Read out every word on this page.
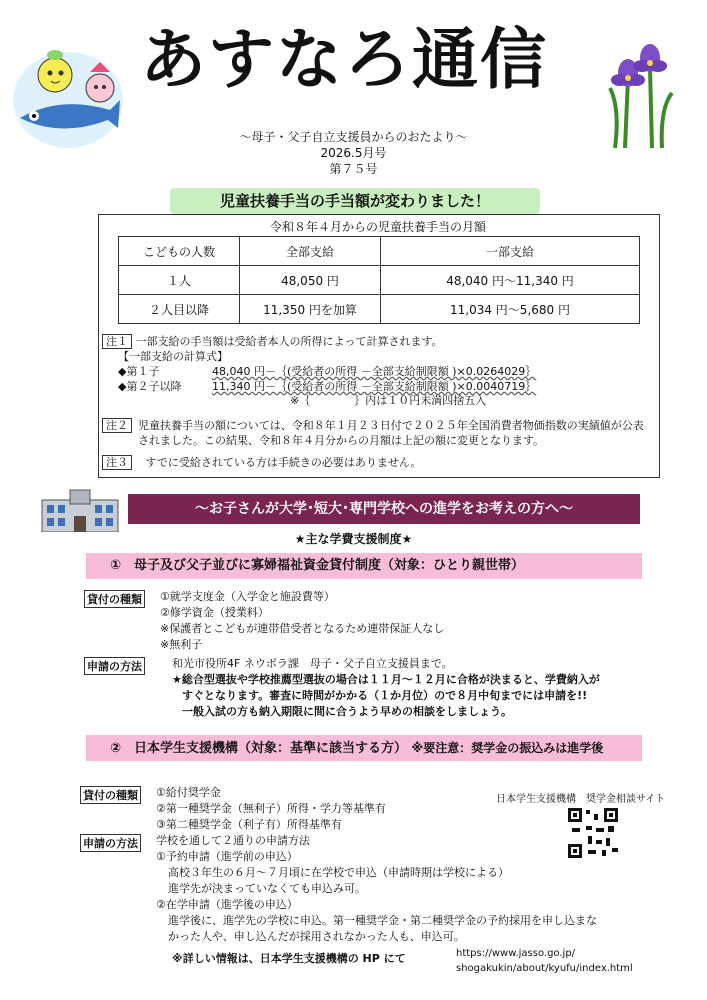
あすなろ通信
〜母子・父子自立支援員からのおたより〜
2026.5月号
第７５号
児童扶養手当の手当額が変わりました！
令和８年４月からの児童扶養手当の月額
こどもの人数	全部支給	一部支給
１人	48,050 円	48,040 円〜11,340 円
２人目以降	11,350 円を加算	11,034 円〜5,680 円
注１ 一部支給の手当額は受給者本人の所得によって計算されます。
【一部支給の計算式】
◆第１子	48,040 円－｛(受給者の所得 －全部支給制限額 )×0.0264029｝
◆第２子以降	11,340 円－｛(受給者の所得 －全部支給制限額 )×0.0040719｝
※｛　　　　｝内は１０円未満四捨五入
注２ 児童扶養手当の額については、令和８年１月２３日付で２０２５年全国消費者物価指数の実績値が公表されました。この結果、令和８年４月分からの月額は上記の額に変更となります。
注３ すでに受給されている方は手続きの必要はありません。
〜お子さんが大学･短大･専門学校への進学をお考えの方へ〜
★主な学費支援制度★
①　母子及び父子並びに寡婦福祉資金貸付制度（対象：ひとり親世帯）
貸付の種類 ①就学支度金（入学金と施設費等）
②修学資金（授業料）
※保護者とこどもが連帯借受者となるため連帯保証人なし
※無利子
申請の方法	和光市役所4F ネウボラ課　母子・父子自立支援員まで。
★総合型選抜や学校推薦型選抜の場合は１１月〜１２月に合格が決まると、学費納入が
すぐとなります。審査に時間がかかる（１か月位）ので８月中旬までには申請を!!
一般入試の方も納入期限に間に合うよう早めの相談をしましょう。
②　日本学生支援機構（対象：基準に該当する方） ※要注意：奨学金の振込みは進学後
貸付の種類 ①給付奨学金
②第一種奨学金（無利子）所得・学力等基準有
③第二種奨学金（利子有）所得基準有
日本学生支援機構　奨学金相談サイト
申請の方法 学校を通して２通りの申請方法
①予約申請（進学前の申込）
高校３年生の６月〜７月頃に在学校で申込（申請時期は学校による）
進学先が決まっていなくても申込み可。
②在学申請（進学後の申込）
進学後に、進学先の学校に申込。第一種奨学金・第二種奨学金の予約採用を申し込まな
かった人や、申し込んだが採用されなかった人も、申込可。
※詳しい情報は、日本学生支援機構の HP にて	https://www.jasso.go.jp/ shogakukin/about/kyufu/index.html
